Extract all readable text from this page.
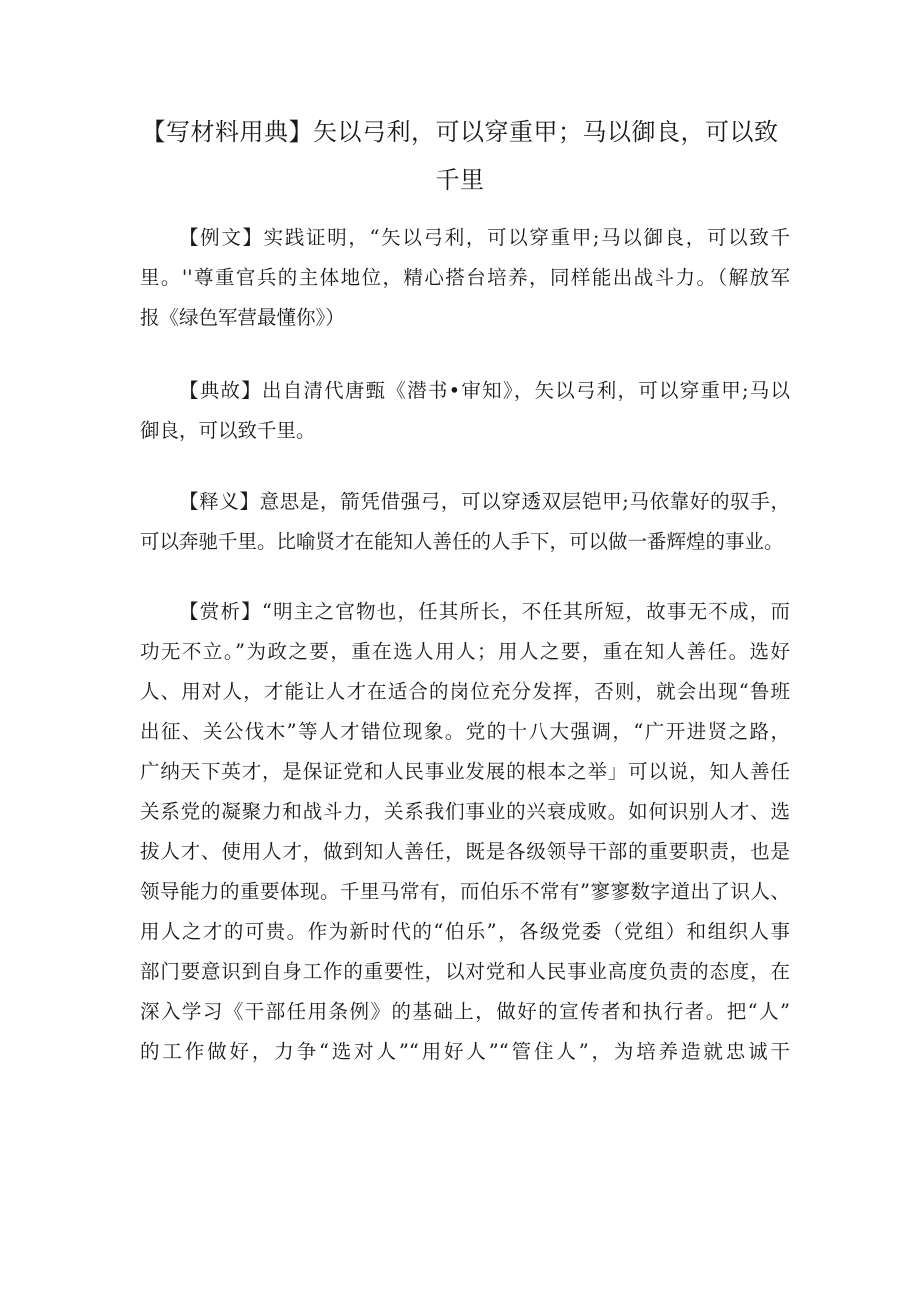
【写材料用典】矢以弓利，可以穿重甲；马以御良，可以致
千里
【例文】实践证明，“矢以弓利，可以穿重甲;马以御良，可以致千
里。''尊重官兵的主体地位，精心搭台培养，同样能出战斗力。（解放军
报《绿色军营最懂你》）
【典故】出自清代唐甄《潜书•审知》，矢以弓利，可以穿重甲;马以
御良，可以致千里。
【释义】意思是，箭凭借强弓，可以穿透双层铠甲;马依靠好的驭手，
可以奔驰千里。比喻贤才在能知人善任的人手下，可以做一番辉煌的事业。
【赏析】“明主之官物也，任其所长，不任其所短，故事无不成，而
功无不立。”为政之要，重在选人用人；用人之要，重在知人善任。选好
人、用对人，才能让人才在适合的岗位充分发挥，否则，就会出现“鲁班
出征、关公伐木”等人才错位现象。党的十八大强调，“广开进贤之路，
广纳天下英才，是保证党和人民事业发展的根本之举」可以说，知人善任
关系党的凝聚力和战斗力，关系我们事业的兴衰成败。如何识别人才、选
拔人才、使用人才，做到知人善任，既是各级领导干部的重要职责，也是
领导能力的重要体现。千里马常有，而伯乐不常有”寥寥数字道出了识人、
用人之才的可贵。作为新时代的“伯乐”，各级党委（党组）和组织人事
部门要意识到自身工作的重要性，以对党和人民事业高度负责的态度，在
深入学习《干部任用条例》的基础上，做好的宣传者和执行者。把“人”
的工作做好，力争“选对人”“用好人”“管住人”，为培养造就忠诚干
